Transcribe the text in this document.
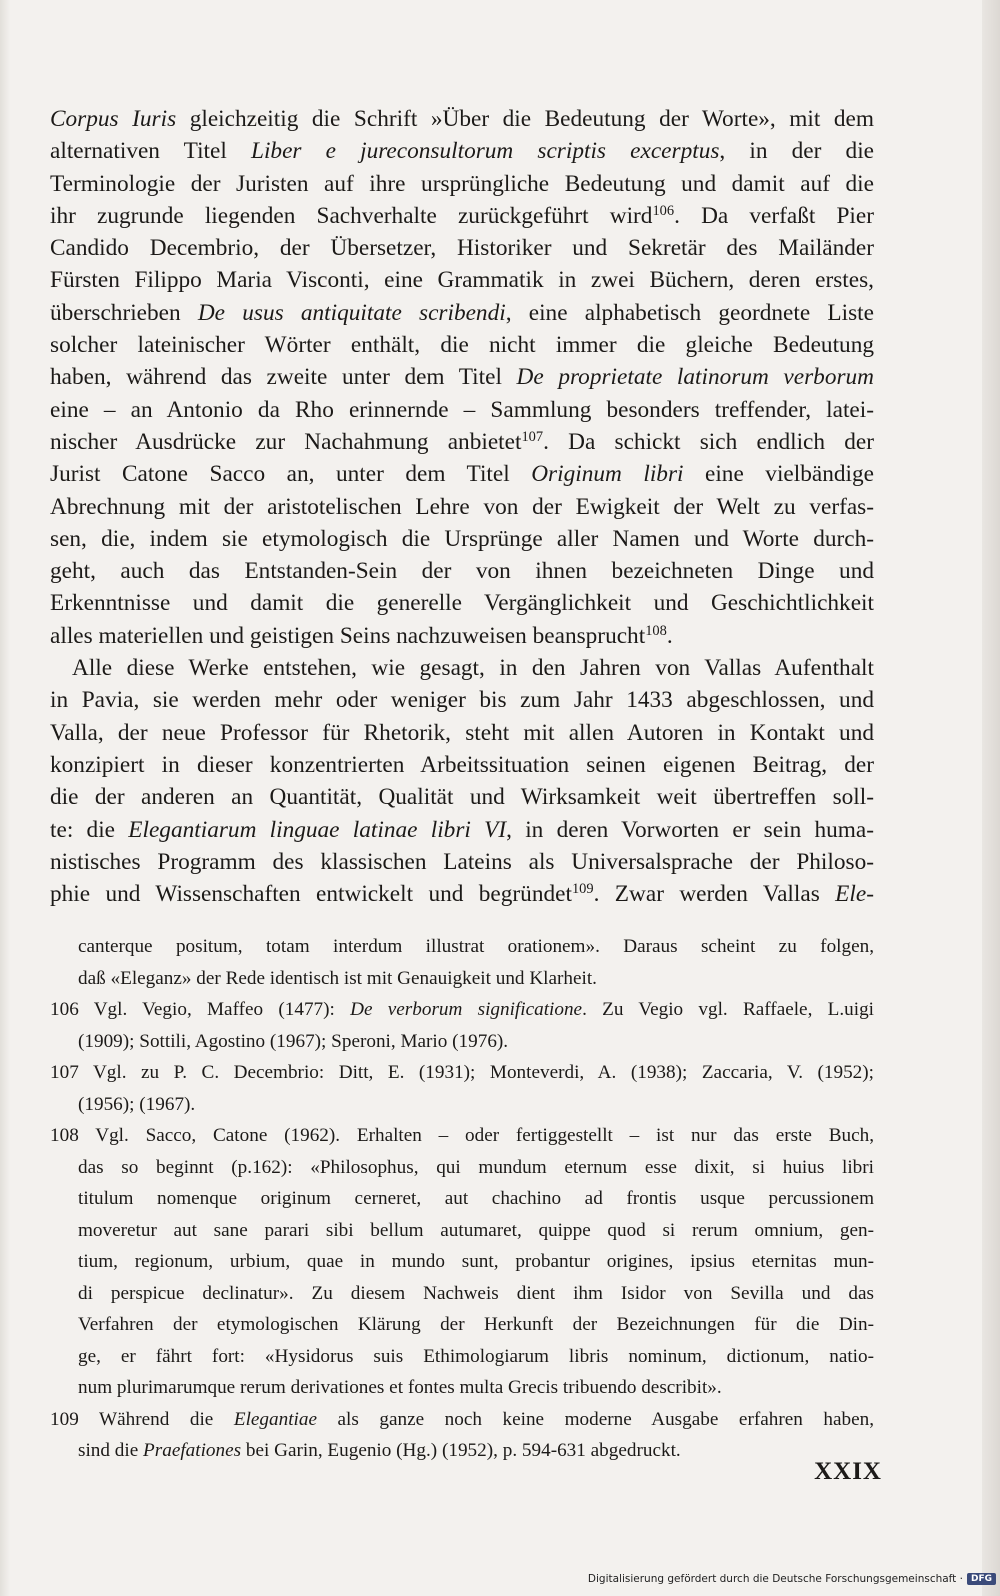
Corpus Iuris gleichzeitig die Schrift »Über die Bedeutung der Worte», mit dem
alternativen Titel Liber e jureconsultorum scriptis excerptus, in der die
Terminologie der Juristen auf ihre ursprüngliche Bedeutung und damit auf die
ihr zugrunde liegenden Sachverhalte zurückgeführt wird$^{106}$. Da verfaßt Pier
Candido Decembrio, der Übersetzer, Historiker und Sekretär des Mailänder
Fürsten Filippo Maria Visconti, eine Grammatik in zwei Büchern, deren erstes,
überschrieben De usus antiquitate scribendi, eine alphabetisch geordnete Liste
solcher lateinischer Wörter enthält, die nicht immer die gleiche Bedeutung
haben, während das zweite unter dem Titel De proprietate latinorum verborum
eine – an Antonio da Rho erinnernde – Sammlung besonders treffender, latei-
nischer Ausdrücke zur Nachahmung anbietet$^{107}$. Da schickt sich endlich der
Jurist Catone Sacco an, unter dem Titel Originum libri eine vielbändige
Abrechnung mit der aristotelischen Lehre von der Ewigkeit der Welt zu verfas-
sen, die, indem sie etymologisch die Ursprünge aller Namen und Worte durch-
geht, auch das Entstanden-Sein der von ihnen bezeichneten Dinge und
Erkenntnisse und damit die generelle Vergänglichkeit und Geschichtlichkeit
alles materiellen und geistigen Seins nachzuweisen beansprucht$^{108}$.
Alle diese Werke entstehen, wie gesagt, in den Jahren von Vallas Aufenthalt
in Pavia, sie werden mehr oder weniger bis zum Jahr 1433 abgeschlossen, und
Valla, der neue Professor für Rhetorik, steht mit allen Autoren in Kontakt und
konzipiert in dieser konzentrierten Arbeitssituation seinen eigenen Beitrag, der
die der anderen an Quantität, Qualität und Wirksamkeit weit übertreffen soll-
te: die Elegantiarum linguae latinae libri VI, in deren Vorworten er sein huma-
nistisches Programm des klassischen Lateins als Universalsprache der Philoso-
phie und Wissenschaften entwickelt und begründet$^{109}$. Zwar werden Vallas Ele-
canterque positum, totam interdum illustrat orationem». Daraus scheint zu folgen,
daß «Eleganz» der Rede identisch ist mit Genauigkeit und Klarheit.
106 Vgl. Vegio, Maffeo (1477): De verborum significatione. Zu Vegio vgl. Raffaele, L.uigi
(1909); Sottili, Agostino (1967); Speroni, Mario (1976).
107 Vgl. zu P. C. Decembrio: Ditt, E. (1931); Monteverdi, A. (1938); Zaccaria, V. (1952);
(1956); (1967).
108 Vgl. Sacco, Catone (1962). Erhalten – oder fertiggestellt – ist nur das erste Buch,
das so beginnt (p.162): «Philosophus, qui mundum eternum esse dixit, si huius libri
titulum nomenque originum cerneret, aut chachino ad frontis usque percussionem
moveretur aut sane parari sibi bellum autumaret, quippe quod si rerum omnium, gen-
tium, regionum, urbium, quae in mundo sunt, probantur origines, ipsius eternitas mun-
di perspicue declinatur». Zu diesem Nachweis dient ihm Isidor von Sevilla und das
Verfahren der etymologischen Klärung der Herkunft der Bezeichnungen für die Din-
ge, er fährt fort: «Hysidorus suis Ethimologiarum libris nominum, dictionum, natio-
num plurimarumque rerum derivationes et fontes multa Grecis tribuendo describit».
109 Während die Elegantiae als ganze noch keine moderne Ausgabe erfahren haben,
sind die Praefationes bei Garin, Eugenio (Hg.) (1952), p. 594-631 abgedruckt.
XXIX
Digitalisierung gefördert durch die Deutsche Forschungsgemeinschaft · DFG
